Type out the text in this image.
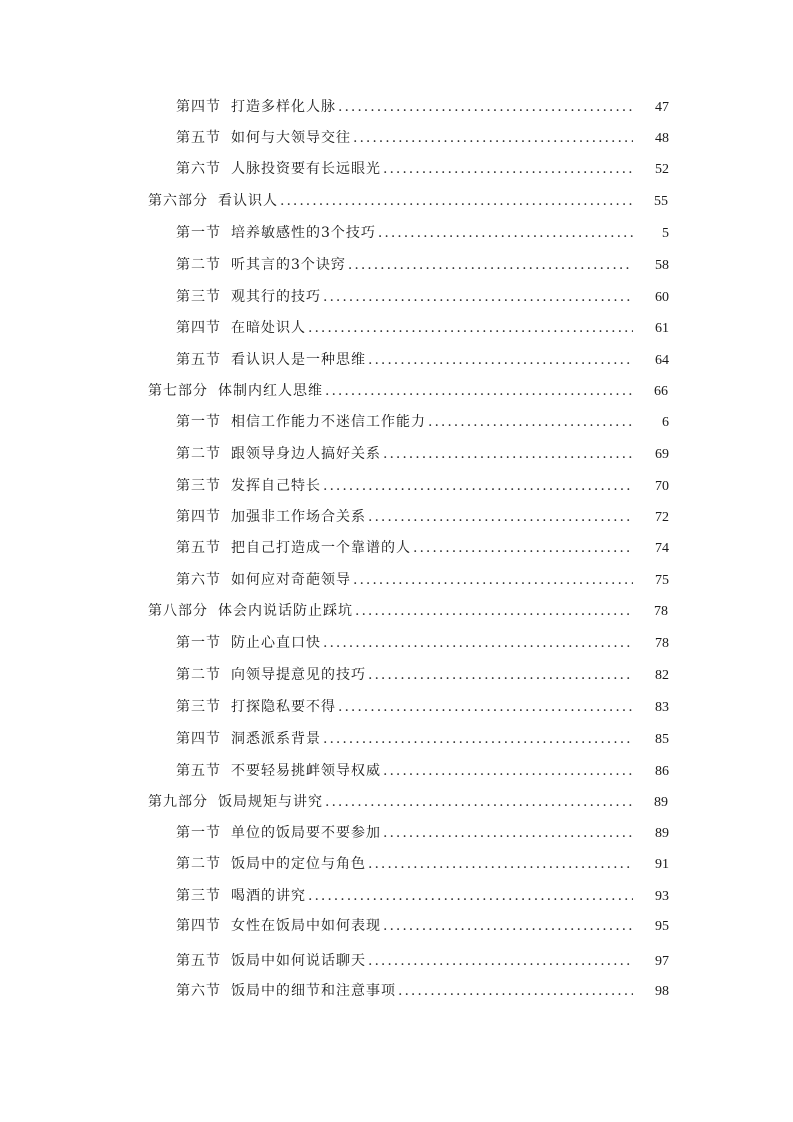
第四节 打造多样化人脉 .....	47
第五节 如何与大领导交往 .....	48
第六节 人脉投资要有长远眼光 .....	52
第六部分 看认识人 .....	55
第一节 培养敏感性的3个技巧 .....	5
第二节 听其言的3个诀窍 .....	58
第三节 观其行的技巧 .....	60
第四节 在暗处识人 .....	61
第五节 看认识人是一种思维 .....	64
第七部分 体制内红人思维 .....	66
第一节 相信工作能力不迷信工作能力 .....	6
第二节 跟领导身边人搞好关系 .....	69
第三节 发挥自己特长 .....	70
第四节 加强非工作场合关系 .....	72
第五节 把自己打造成一个靠谱的人 .....	74
第六节 如何应对奇葩领导 .....	75
第八部分 体会内说话防止踩坑 .....	78
第一节 防止心直口快 .....	78
第二节 向领导提意见的技巧 .....	82
第三节 打探隐私要不得 .....	83
第四节 洞悉派系背景 .....	85
第五节 不要轻易挑衅领导权威 .....	86
第九部分 饭局规矩与讲究 .....	89
第一节 单位的饭局要不要参加 .....	89
第二节 饭局中的定位与角色 .....	91
第三节 喝酒的讲究 .....	93
第四节 女性在饭局中如何表现 .....	95
第五节 饭局中如何说话聊天 .....	97
第六节 饭局中的细节和注意事项 .....	98
